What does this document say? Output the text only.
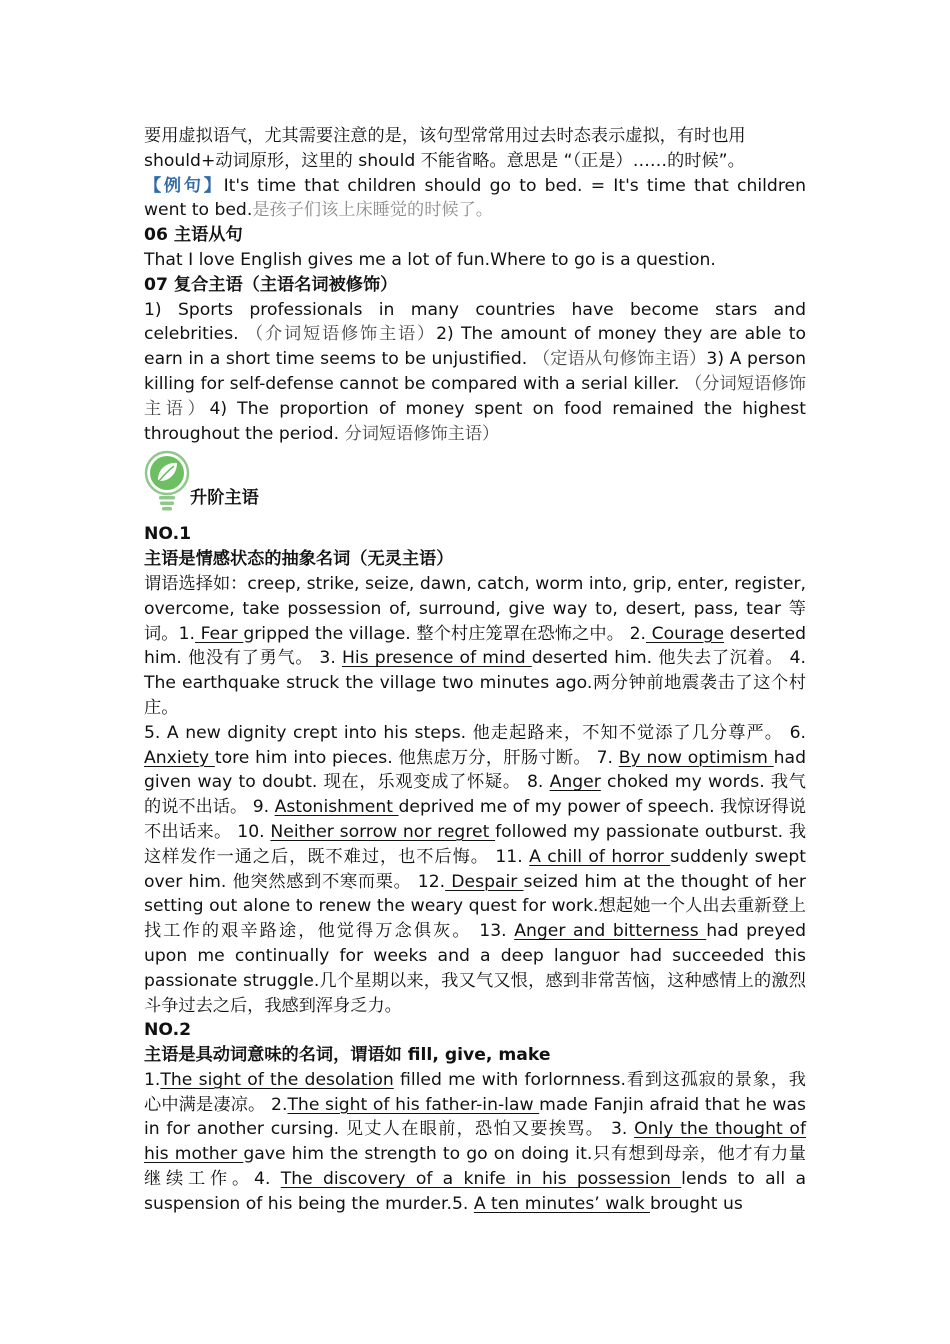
要用虚拟语气，尤其需要注意的是，该句型常常用过去时态表示虚拟，有时也用
should+动词原形，这里的 should 不能省略。意思是 “（正是）……的时候”。
【例句】It's time that children should go to bed. = It's time that children went to bed.是孩子们该上床睡觉的时候了。

06 主语从句

That I love English gives me a lot of fun.Where to go is a question.

07 复合主语（主语名词被修饰）

1) Sports professionals in many countries have become stars and celebrities. （介词短语修饰主语）2) The amount of money they are able to earn in a short time seems to be unjustified. （定语从句修饰主语）3) A person killing for self-defense cannot be compared with a serial killer. （分词短语修饰主语）4) The proportion of money spent on food remained the highest throughout the period. 分词短语修饰主语）

升阶主语

NO.1

主语是情感状态的抽象名词（无灵主语）

谓语选择如：creep, strike, seize, dawn, catch, worm into, grip, enter, register, overcome, take possession of, surround, give way to, desert, pass, tear 等词。1. Fear gripped the village. 整个村庄笼罩在恐怖之中。 2. Courage deserted him. 他没有了勇气。 3. His presence of mind deserted him. 他失去了沉着。 4. The earthquake struck the village two minutes ago.两分钟前地震袭击了这个村庄。
5. A new dignity crept into his steps. 他走起路来，不知不觉添了几分尊严。 6. Anxiety tore him into pieces. 他焦虑万分，肝肠寸断。 7. By now optimism had given way to doubt. 现在，乐观变成了怀疑。 8. Anger choked my words. 我气的说不出话。 9. Astonishment deprived me of my power of speech. 我惊讶得说不出话来。 10. Neither sorrow nor regret followed my passionate outburst. 我这样发作一通之后，既不难过，也不后悔。 11. A chill of horror suddenly swept over him. 他突然感到不寒而栗。 12. Despair seized him at the thought of her setting out alone to renew the weary quest for work.想起她一个人出去重新登上找工作的艰辛路途，他觉得万念俱灰。 13. Anger and bitterness had preyed upon me continually for weeks and a deep languor had succeeded this passionate struggle.几个星期以来，我又气又恨，感到非常苦恼，这种感情上的激烈斗争过去之后，我感到浑身乏力。

NO.2

主语是具动词意味的名词，谓语如 fill, give, make

1.The sight of the desolation filled me with forlornness.看到这孤寂的景象，我心中满是凄凉。 2.The sight of his father-in-law made Fanjin afraid that he was in for another cursing. 见丈人在眼前，恐怕又要挨骂。 3. Only the thought of his mother gave him the strength to go on doing it.只有想到母亲，他才有力量继续工作。4. The discovery of a knife in his possession lends to all a suspension of his being the murder.5. A ten minutes’ walk brought us
